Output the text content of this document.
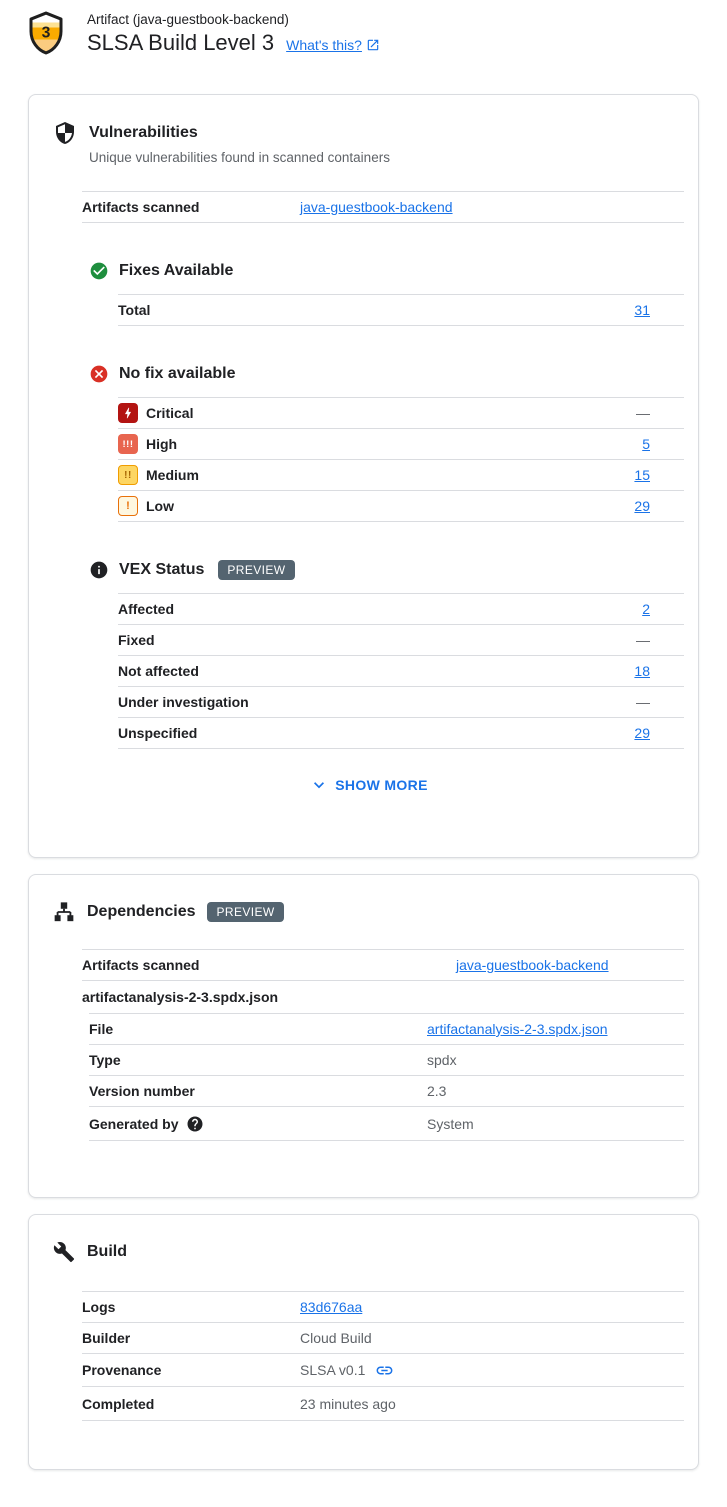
3
Artifact (java-guestbook-backend)
SLSA Build Level 3 What's this?
Vulnerabilities
Unique vulnerabilities found in scanned containers
Artifacts scanned	java-guestbook-backend
Fixes Available
Total	31
No fix available
Critical	—
!!! High	5
!!	Medium	15
!	Low	29
VEX Status	PREVIEW
Affected	2
Fixed	—
Not affected	18
Under investigation	—
Unspecified	29
SHOW MORE
Dependencies	PREVIEW
Artifacts scanned	java-guestbook-backend
artifactanalysis-2-3.spdx.json
File	artifactanalysis-2-3.spdx.json
Type	spdx
Version number	2.3
Generated by	System
Build
Logs	83d676aa
Builder	Cloud Build
Provenance	SLSA v0.1
Completed	23 minutes ago
